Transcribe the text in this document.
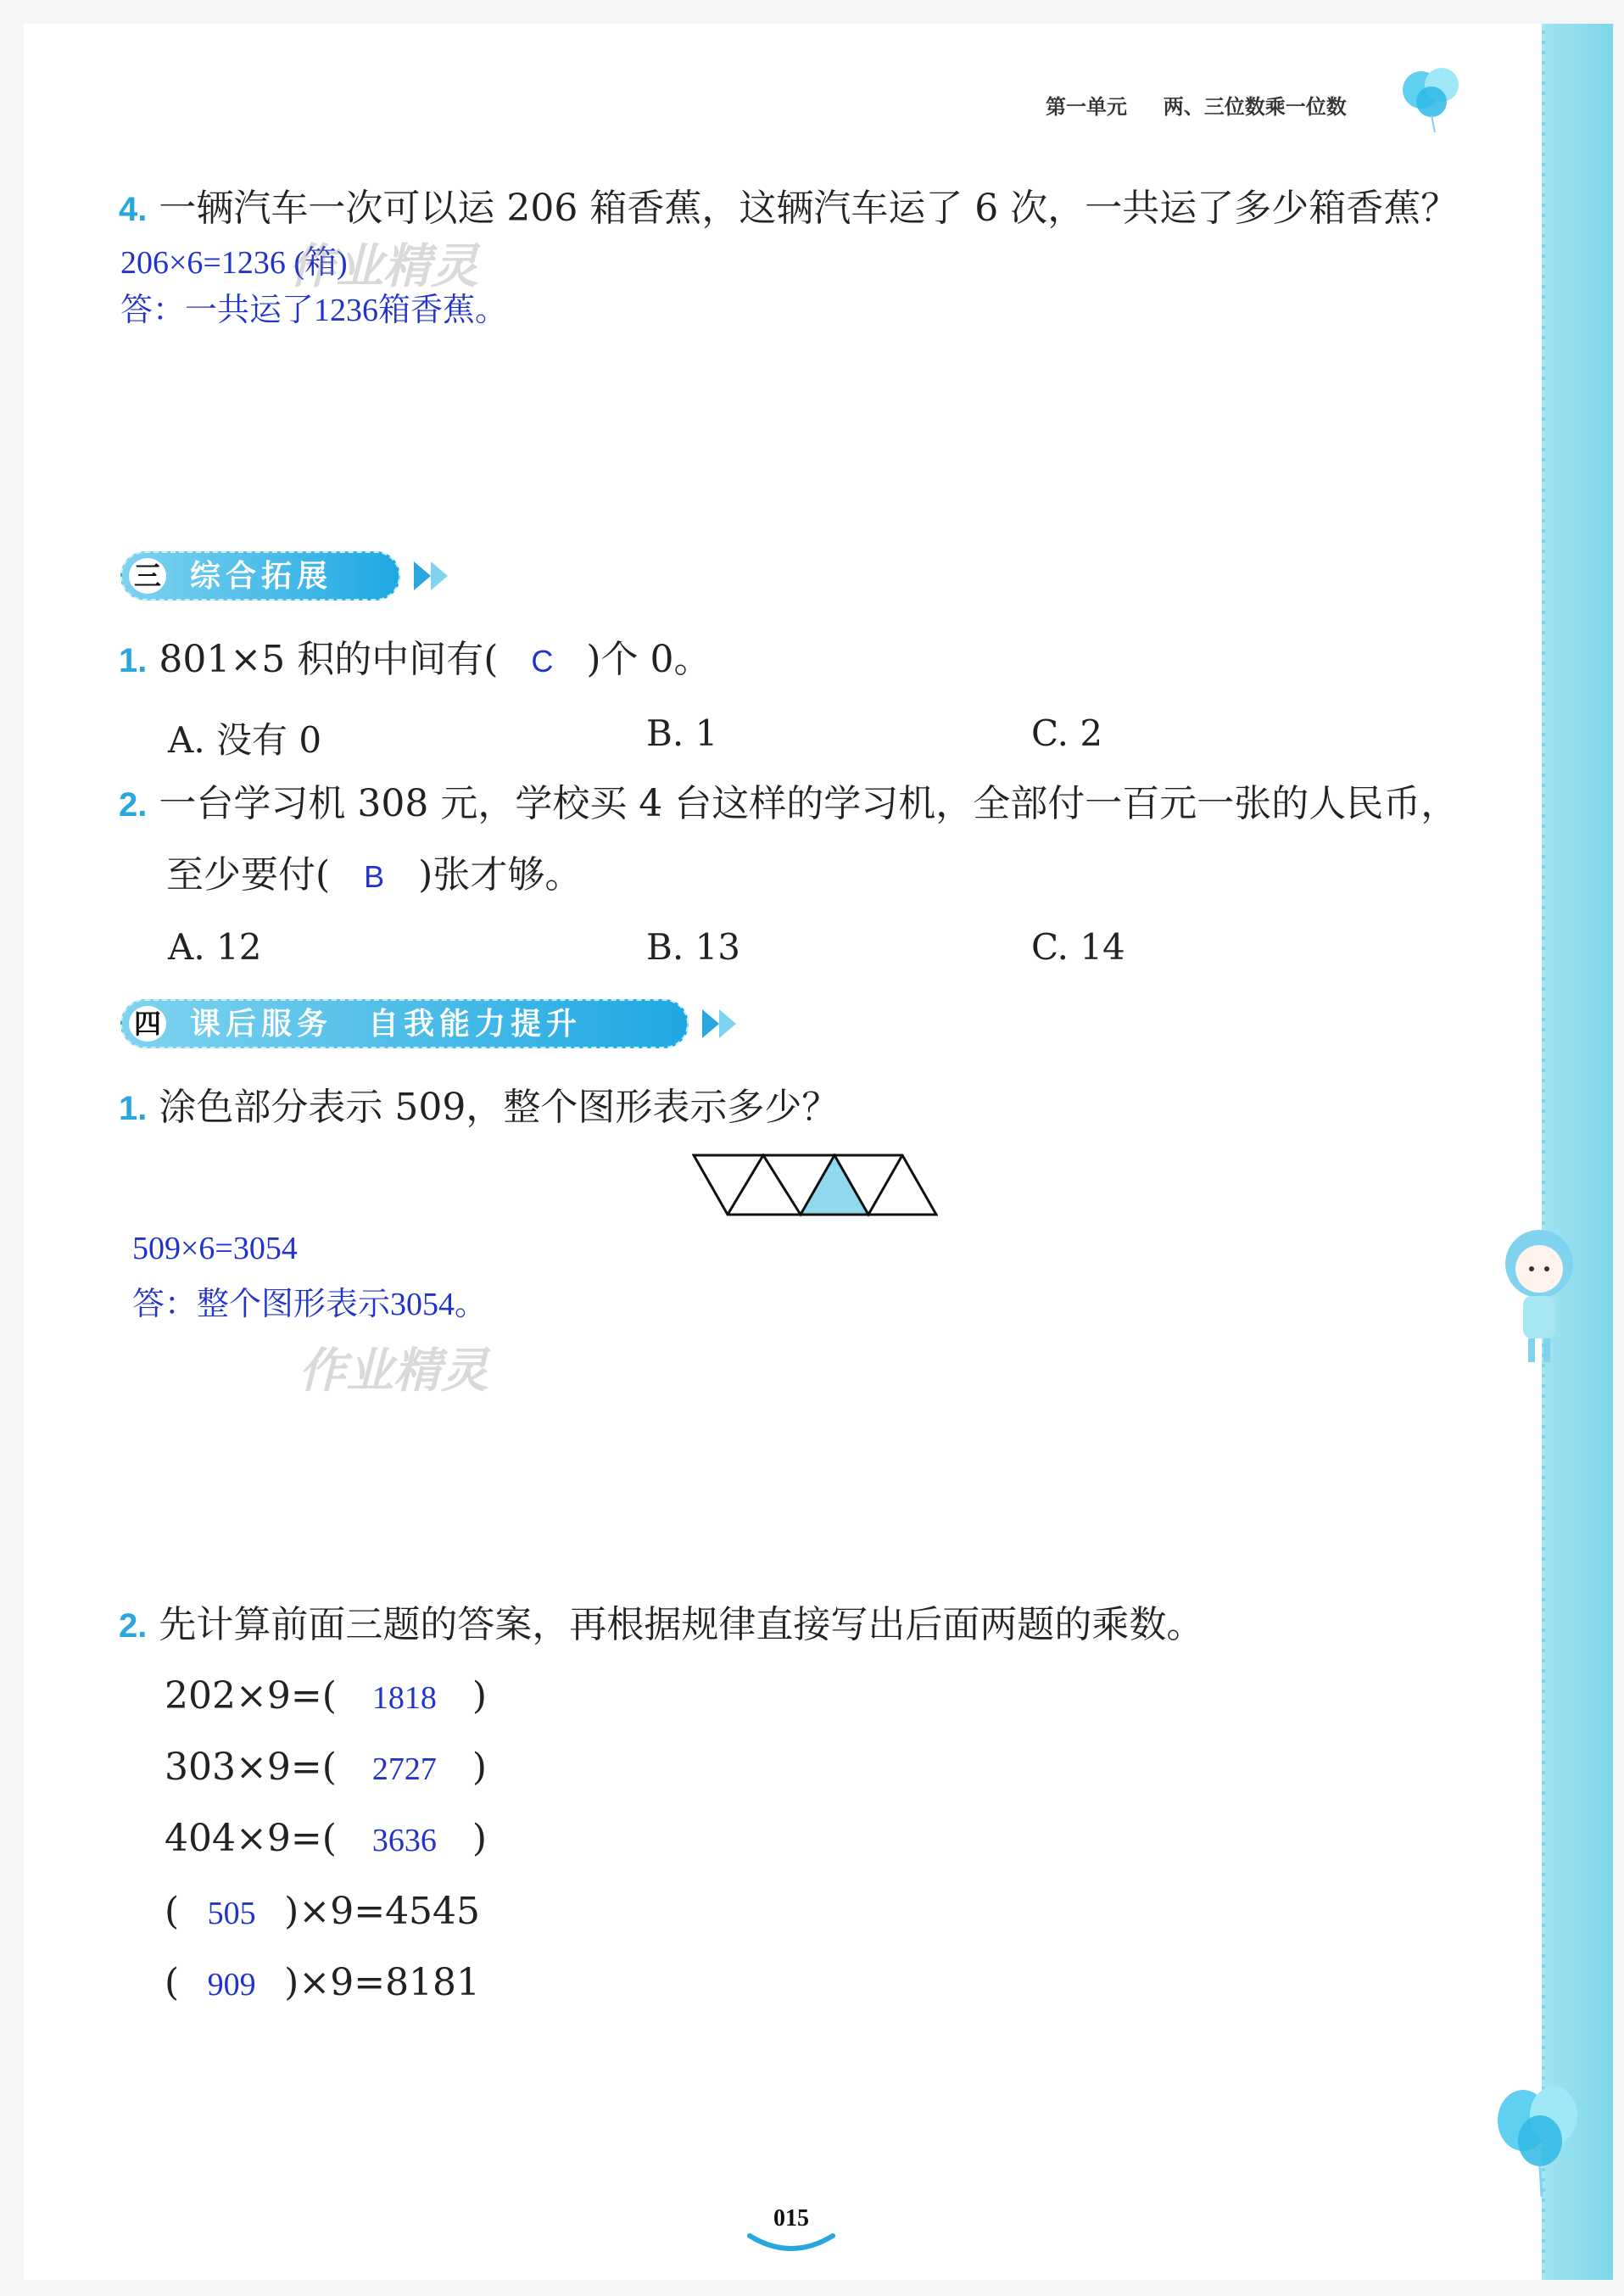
第一单元 两、三位数乘一位数
4. 一辆汽车一次可以运 206 箱香蕉，这辆汽车运了 6 次，一共运了多少箱香蕉？
206×6=1236 (箱)
答：一共运了1236箱香蕉。
作业精灵
三 综合拓展
1. 801×5 积的中间有( C )个 0。
A. 没有 0	B. 1	C. 2
2. 一台学习机 308 元，学校买 4 台这样的学习机，全部付一百元一张的人民币，
至少要付( B )张才够。
A. 12	B. 13	C. 14
四 课后服务　自我能力提升
1. 涂色部分表示 509，整个图形表示多少？
509×6=3054
答：整个图形表示3054。
作业精灵
2. 先计算前面三题的答案，再根据规律直接写出后面两题的乘数。
202×9=( 1818 )
303×9=( 2727 )
404×9=( 3636 )
( 505 )×9=4545
( 909 )×9=8181
015
